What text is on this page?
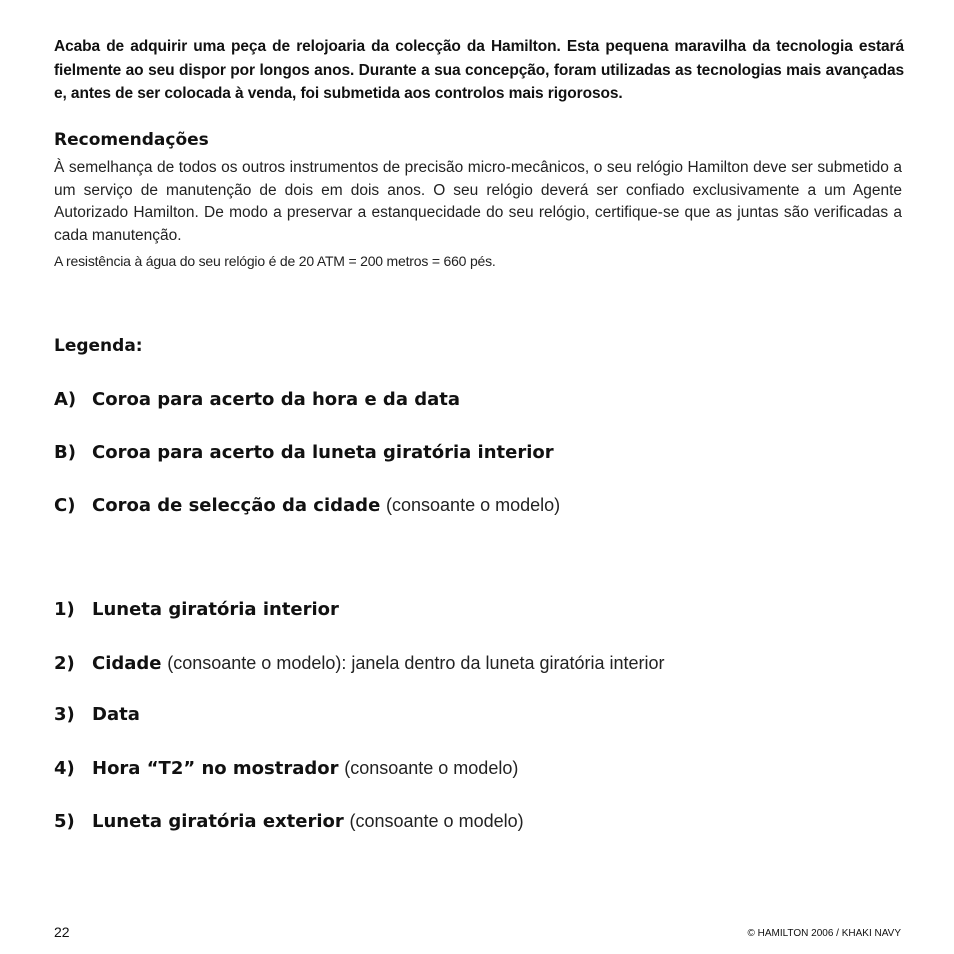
Acaba de adquirir uma peça de relojoaria da colecção da Hamilton. Esta pequena maravilha da tecnologia estará fielmente ao seu dispor por longos anos. Durante a sua concepção, foram utilizadas as tecnologias mais avançadas e, antes de ser colocada à venda, foi submetida aos controlos mais rigorosos.

Recomendações

À semelhança de todos os outros instrumentos de precisão micro-mecânicos, o seu relógio Hamilton deve ser submetido a um serviço de manutenção de dois em dois anos. O seu relógio deverá ser confiado exclusivamente a um Agente Autorizado Hamilton. De modo a preservar a estanquecidade do seu relógio, certifique-se que as juntas são verificadas a cada manutenção.

A resistência à água do seu relógio é de 20 ATM = 200 metros = 660 pés.

Legenda:

A) Coroa para acerto da hora e da data

B) Coroa para acerto da luneta giratória interior

C) Coroa de selecção da cidade (consoante o modelo)

1) Luneta giratória interior

2) Cidade (consoante o modelo): janela dentro da luneta giratória interior

3) Data

4) Hora “T2” no mostrador (consoante o modelo)

5) Luneta giratória exterior (consoante o modelo)

22	© HAMILTON 2006 / KHAKI NAVY
